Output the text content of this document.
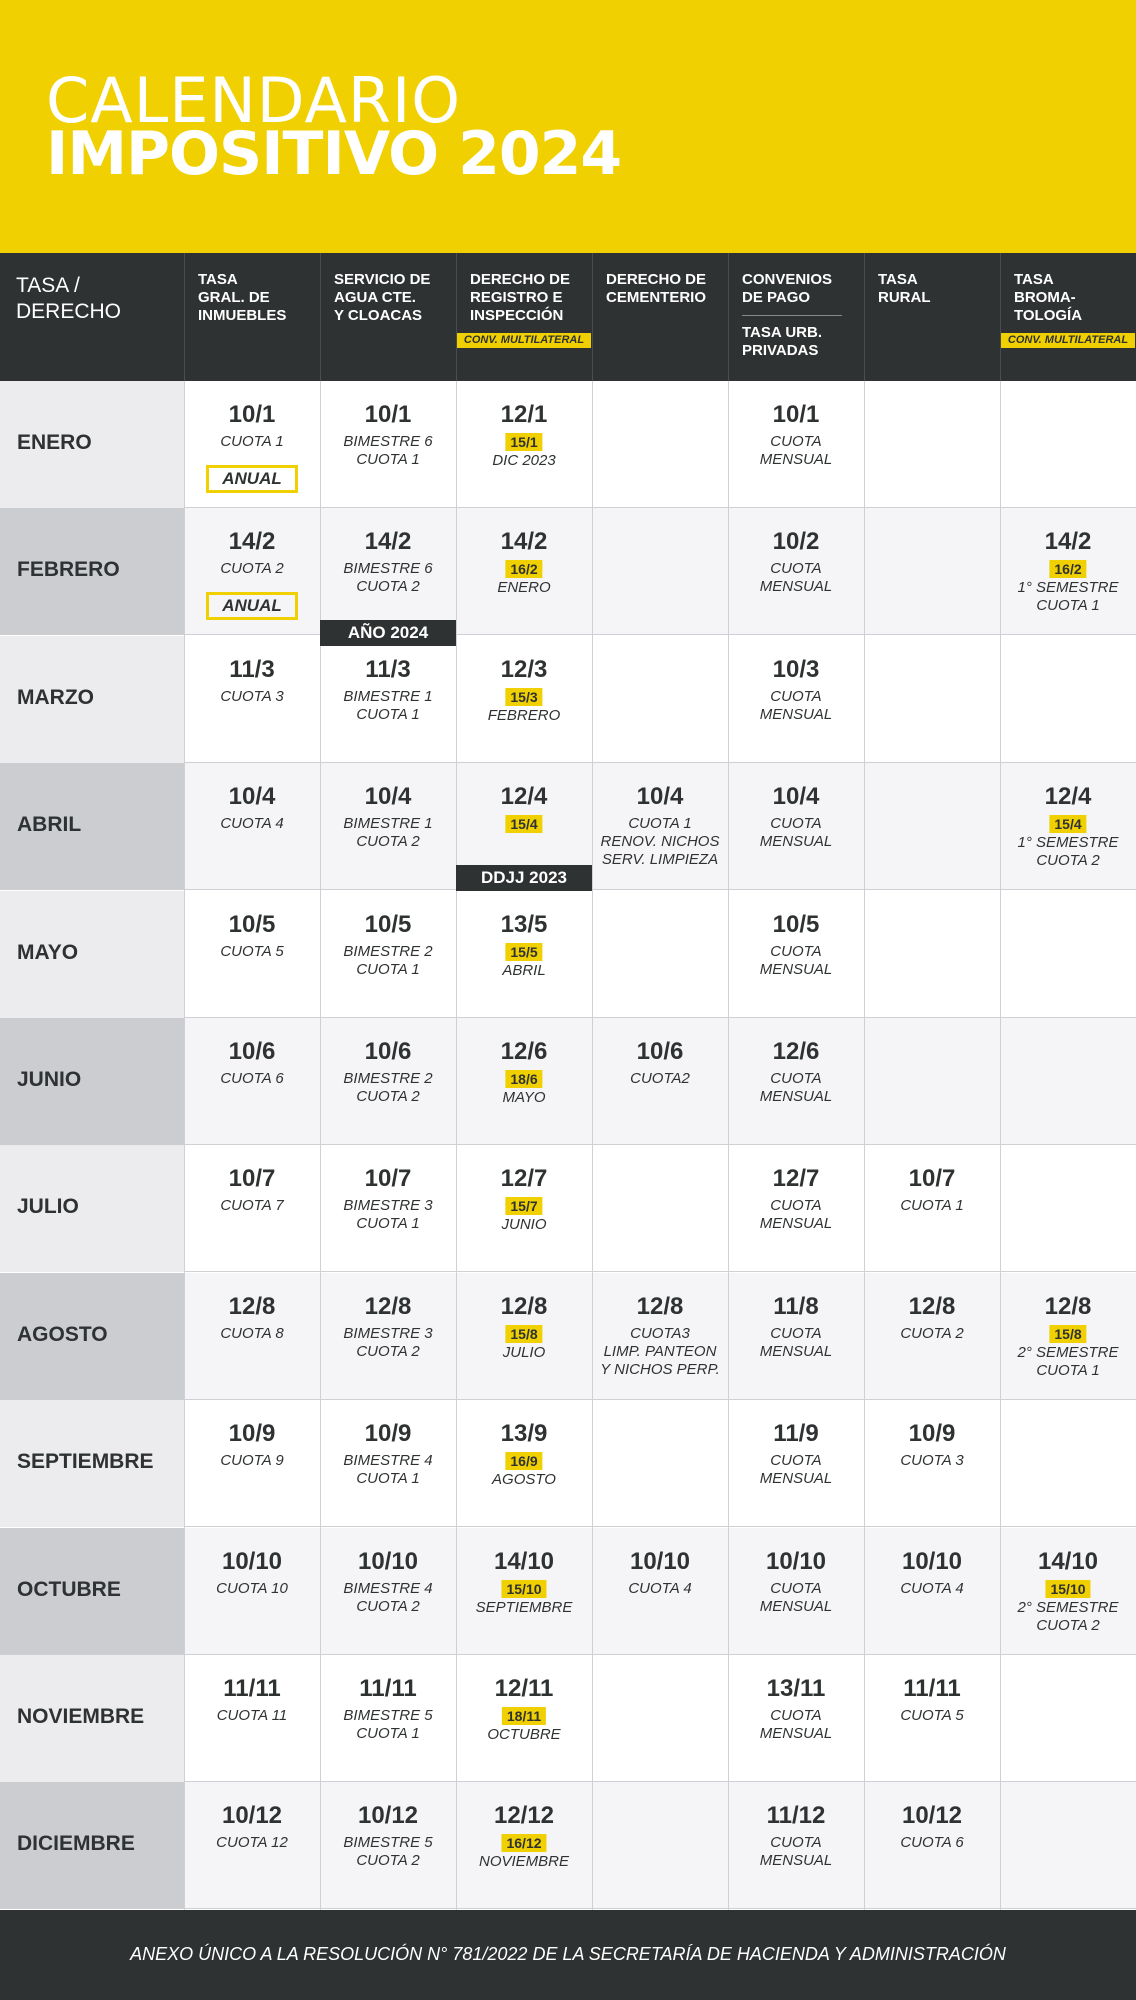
CALENDARIO
IMPOSITIVO 2024
TASA /
DERECHO
TASA
GRAL. DE
INMUEBLES
SERVICIO DE
AGUA CTE.
Y CLOACAS
DERECHO DE
REGISTRO E
INSPECCIÓN
CONV. MULTILATERAL
DERECHO DE
CEMENTERIO
CONVENIOS
DE PAGO
TASA URB.
PRIVADAS
TASA
RURAL
TASA
BROMA-
TOLOGÍA
CONV. MULTILATERAL
ENERO
10/1
CUOTA 1
ANUAL
10/1
BIMESTRE 6
CUOTA 1
12/1
15/1
DIC 2023
10/1
CUOTA
MENSUAL
FEBRERO
14/2
CUOTA 2
ANUAL
14/2
BIMESTRE 6
CUOTA 2
14/2
16/2
ENERO
10/2
CUOTA
MENSUAL
14/2
16/2
1° SEMESTRE
CUOTA 1
MARZO
11/3
CUOTA 3
11/3
BIMESTRE 1
CUOTA 1
12/3
15/3
FEBRERO
10/3
CUOTA
MENSUAL
ABRIL
10/4
CUOTA 4
10/4
BIMESTRE 1
CUOTA 2
12/4
15/4
10/4
CUOTA 1
RENOV. NICHOS
SERV. LIMPIEZA
10/4
CUOTA
MENSUAL
12/4
15/4
1° SEMESTRE
CUOTA 2
MAYO
10/5
CUOTA 5
10/5
BIMESTRE 2
CUOTA 1
13/5
15/5
ABRIL
10/5
CUOTA
MENSUAL
JUNIO
10/6
CUOTA 6
10/6
BIMESTRE 2
CUOTA 2
12/6
18/6
MAYO
10/6
CUOTA2
12/6
CUOTA
MENSUAL
JULIO
10/7
CUOTA 7
10/7
BIMESTRE 3
CUOTA 1
12/7
15/7
JUNIO
12/7
CUOTA
MENSUAL
10/7
CUOTA 1
AGOSTO
12/8
CUOTA 8
12/8
BIMESTRE 3
CUOTA 2
12/8
15/8
JULIO
12/8
CUOTA3
LIMP. PANTEON
Y NICHOS PERP.
11/8
CUOTA
MENSUAL
12/8
CUOTA 2
12/8
15/8
2° SEMESTRE
CUOTA 1
SEPTIEMBRE
10/9
CUOTA 9
10/9
BIMESTRE 4
CUOTA 1
13/9
16/9
AGOSTO
11/9
CUOTA
MENSUAL
10/9
CUOTA 3
OCTUBRE
10/10
CUOTA 10
10/10
BIMESTRE 4
CUOTA 2
14/10
15/10
SEPTIEMBRE
10/10
CUOTA 4
10/10
CUOTA
MENSUAL
10/10
CUOTA 4
14/10
15/10
2° SEMESTRE
CUOTA 2
NOVIEMBRE
11/11
CUOTA 11
11/11
BIMESTRE 5
CUOTA 1
12/11
18/11
OCTUBRE
13/11
CUOTA
MENSUAL
11/11
CUOTA 5
DICIEMBRE
10/12
CUOTA 12
10/12
BIMESTRE 5
CUOTA 2
12/12
16/12
NOVIEMBRE
11/12
CUOTA
MENSUAL
10/12
CUOTA 6
ANEXO ÚNICO A LA RESOLUCIÓN N° 781/2022 DE LA SECRETARÍA DE HACIENDA Y ADMINISTRACIÓN
AÑO 2024
DDJJ 2023
